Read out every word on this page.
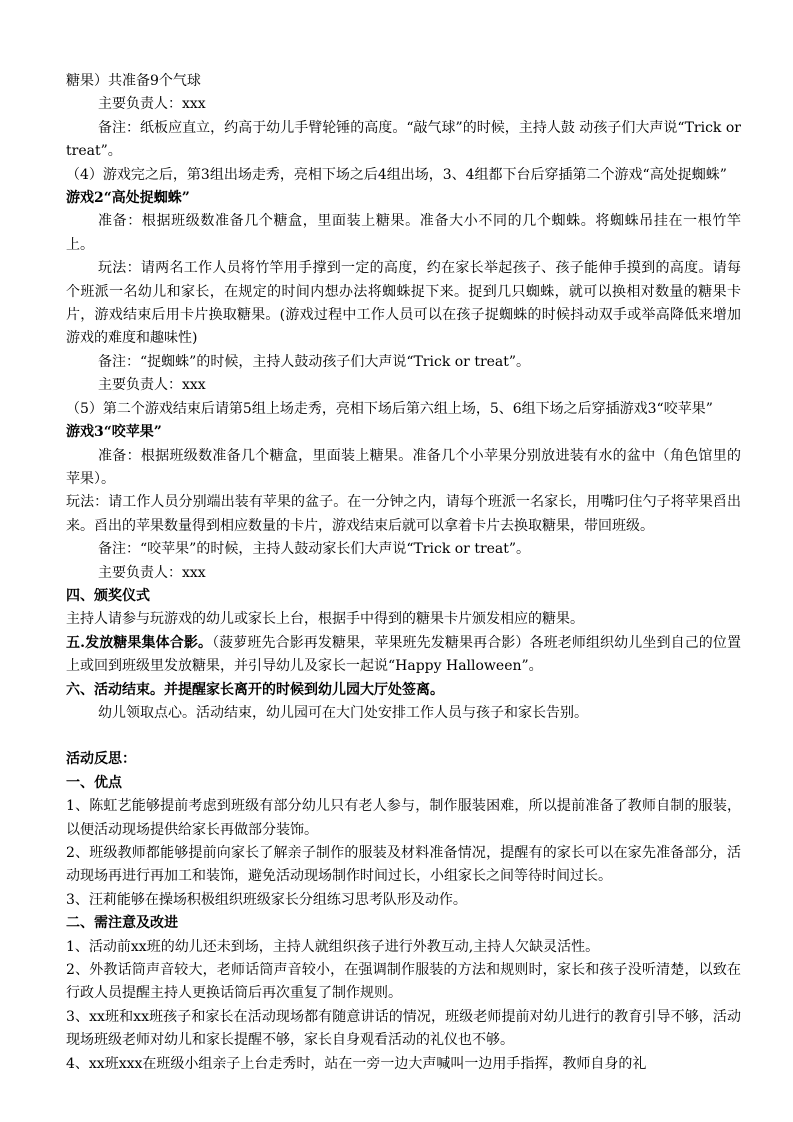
糖果）共准备9个气球

主要负责人：xxx

备注：纸板应直立，约高于幼儿手臂轮锤的高度。“敲气球”的时候，主持人鼓 动孩子们大声说“Trick or treat”。

（4）游戏完之后，第3组出场走秀，亮相下场之后4组出场，3、4组都下台后穿插第二个游戏“高处捉蜘蛛”

游戏2“高处捉蜘蛛”

准备：根据班级数准备几个糖盒，里面装上糖果。准备大小不同的几个蜘蛛。将蜘蛛吊挂在一根竹竿上。

玩法：请两名工作人员将竹竿用手撑到一定的高度，约在家长举起孩子、孩子能伸手摸到的高度。请每个班派一名幼儿和家长，在规定的时间内想办法将蜘蛛捉下来。捉到几只蜘蛛，就可以换相对数量的糖果卡片，游戏结束后用卡片换取糖果。(游戏过程中工作人员可以在孩子捉蜘蛛的时候抖动双手或举高降低来增加游戏的难度和趣味性)

备注：“捉蜘蛛”的时候，主持人鼓动孩子们大声说“Trick or treat”。

主要负责人：xxx

（5）第二个游戏结束后请第5组上场走秀，亮相下场后第六组上场，5、6组下场之后穿插游戏3“咬苹果”

游戏3“咬苹果”

准备：根据班级数准备几个糖盒，里面装上糖果。准备几个小苹果分别放进装有水的盆中（角色馆里的苹果）。

玩法：请工作人员分别端出装有苹果的盆子。在一分钟之内，请每个班派一名家长，用嘴叼住勺子将苹果舀出来。舀出的苹果数量得到相应数量的卡片，游戏结束后就可以拿着卡片去换取糖果，带回班级。

备注：“咬苹果”的时候，主持人鼓动家长们大声说“Trick or treat”。

主要负责人：xxx

四、颁奖仪式

主持人请参与玩游戏的幼儿或家长上台，根据手中得到的糖果卡片颁发相应的糖果。

五.发放糖果集体合影。（菠萝班先合影再发糖果，苹果班先发糖果再合影）各班老师组织幼儿坐到自己的位置上或回到班级里发放糖果，并引导幼儿及家长一起说“Happy Halloween”。

六、活动结束。并提醒家长离开的时候到幼儿园大厅处签离。

幼儿领取点心。活动结束，幼儿园可在大门处安排工作人员与孩子和家长告别。

活动反思：

一、优点

1、陈虹艺能够提前考虑到班级有部分幼儿只有老人参与，制作服装困难，所以提前准备了教师自制的服装，以便活动现场提供给家长再做部分装饰。

2、班级教师都能够提前向家长了解亲子制作的服装及材料准备情况，提醒有的家长可以在家先准备部分，活动现场再进行再加工和装饰，避免活动现场制作时间过长，小组家长之间等待时间过长。

3、汪莉能够在操场积极组织班级家长分组练习思考队形及动作。

二、需注意及改进

1、活动前xx班的幼儿还未到场，主持人就组织孩子进行外教互动,主持人欠缺灵活性。

2、外教话筒声音较大，老师话筒声音较小，在强调制作服装的方法和规则时，家长和孩子没听清楚，以致在行政人员提醒主持人更换话筒后再次重复了制作规则。

3、xx班和xx班孩子和家长在活动现场都有随意讲话的情况，班级老师提前对幼儿进行的教育引导不够，活动现场班级老师对幼儿和家长提醒不够，家长自身观看活动的礼仪也不够。

4、xx班xxx在班级小组亲子上台走秀时，站在一旁一边大声喊叫一边用手指挥，教师自身的礼
